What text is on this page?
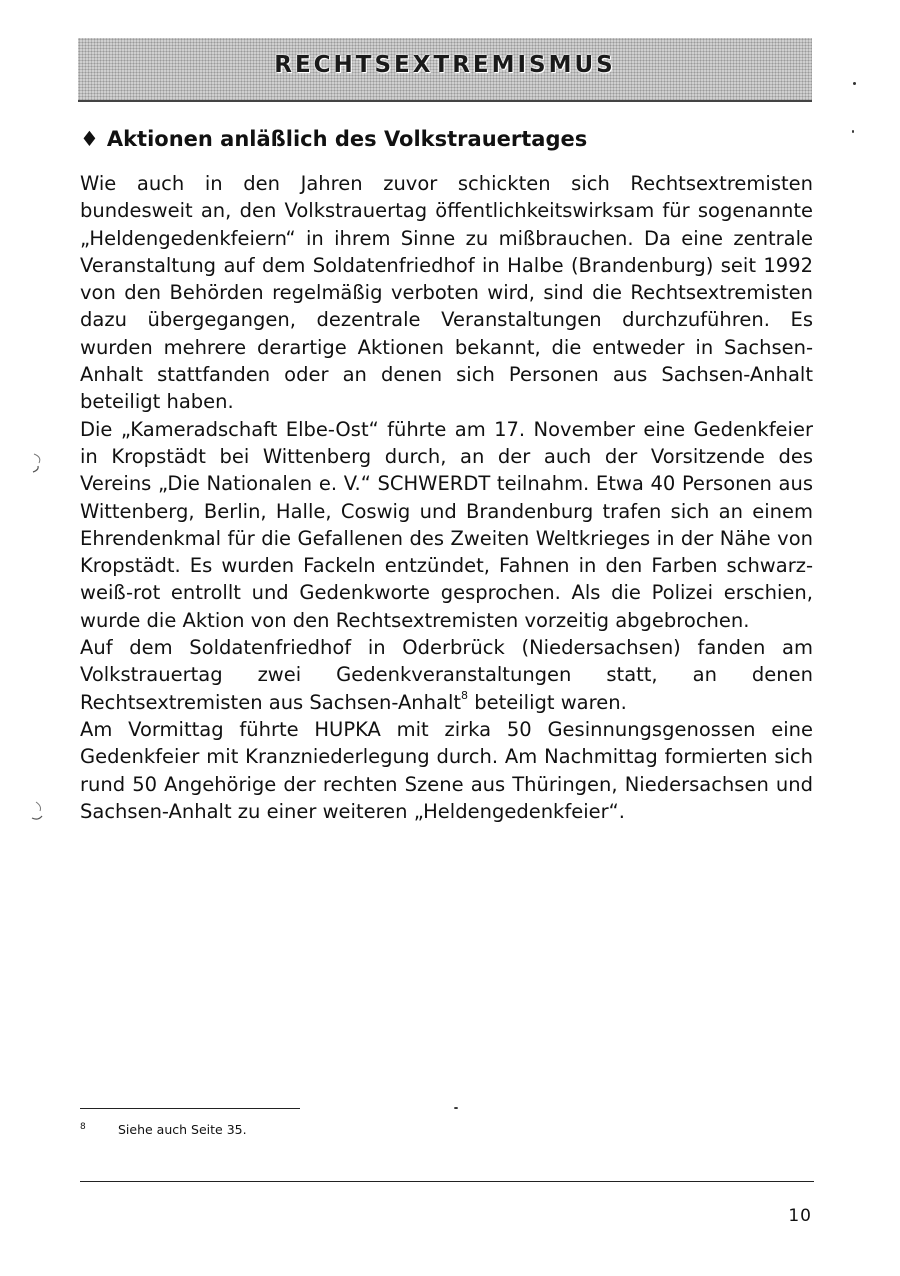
RECHTSEXTREMISMUS
♦ Aktionen anläßlich des Volkstrauertages

Wie auch in den Jahren zuvor schickten sich Rechtsextremisten bundesweit an, den Volkstrauertag öffentlichkeitswirksam für sogenannte „Heldengedenkfeiern“ in ihrem Sinne zu mißbrauchen. Da eine zentrale Veranstaltung auf dem Soldatenfriedhof in Halbe (Brandenburg) seit 1992 von den Behörden regelmäßig verboten wird, sind die Rechtsextremisten dazu übergegangen, dezentrale Veranstaltungen durchzuführen. Es wurden mehrere derartige Aktionen bekannt, die entweder in Sachsen-Anhalt stattfanden oder an denen sich Personen aus Sachsen-Anhalt beteiligt haben.

Die „Kameradschaft Elbe-Ost“ führte am 17. November eine Gedenkfeier in Kropstädt bei Wittenberg durch, an der auch der Vorsitzende des Vereins „Die Nationalen e. V.“ SCHWERDT teilnahm. Etwa 40 Personen aus Wittenberg, Berlin, Halle, Coswig und Brandenburg trafen sich an einem Ehrendenkmal für die Gefallenen des Zweiten Weltkrieges in der Nähe von Kropstädt. Es wurden Fackeln entzündet, Fahnen in den Farben schwarz-weiß-rot entrollt und Gedenkworte gesprochen. Als die Polizei erschien, wurde die Aktion von den Rechtsextremisten vorzeitig abgebrochen.

Auf dem Soldatenfriedhof in Oderbrück (Niedersachsen) fanden am Volkstrauertag zwei Gedenkveranstaltungen statt, an denen Rechtsextremisten aus Sachsen-Anhalt$^8$ beteiligt waren.

Am Vormittag führte HUPKA mit zirka 50 Gesinnungsgenossen eine Gedenkfeier mit Kranzniederlegung durch. Am Nachmittag formierten sich rund 50 Angehörige der rechten Szene aus Thüringen, Niedersachsen und Sachsen-Anhalt zu einer weiteren „Heldengedenkfeier“.

8	Siehe auch Seite 35.
10
